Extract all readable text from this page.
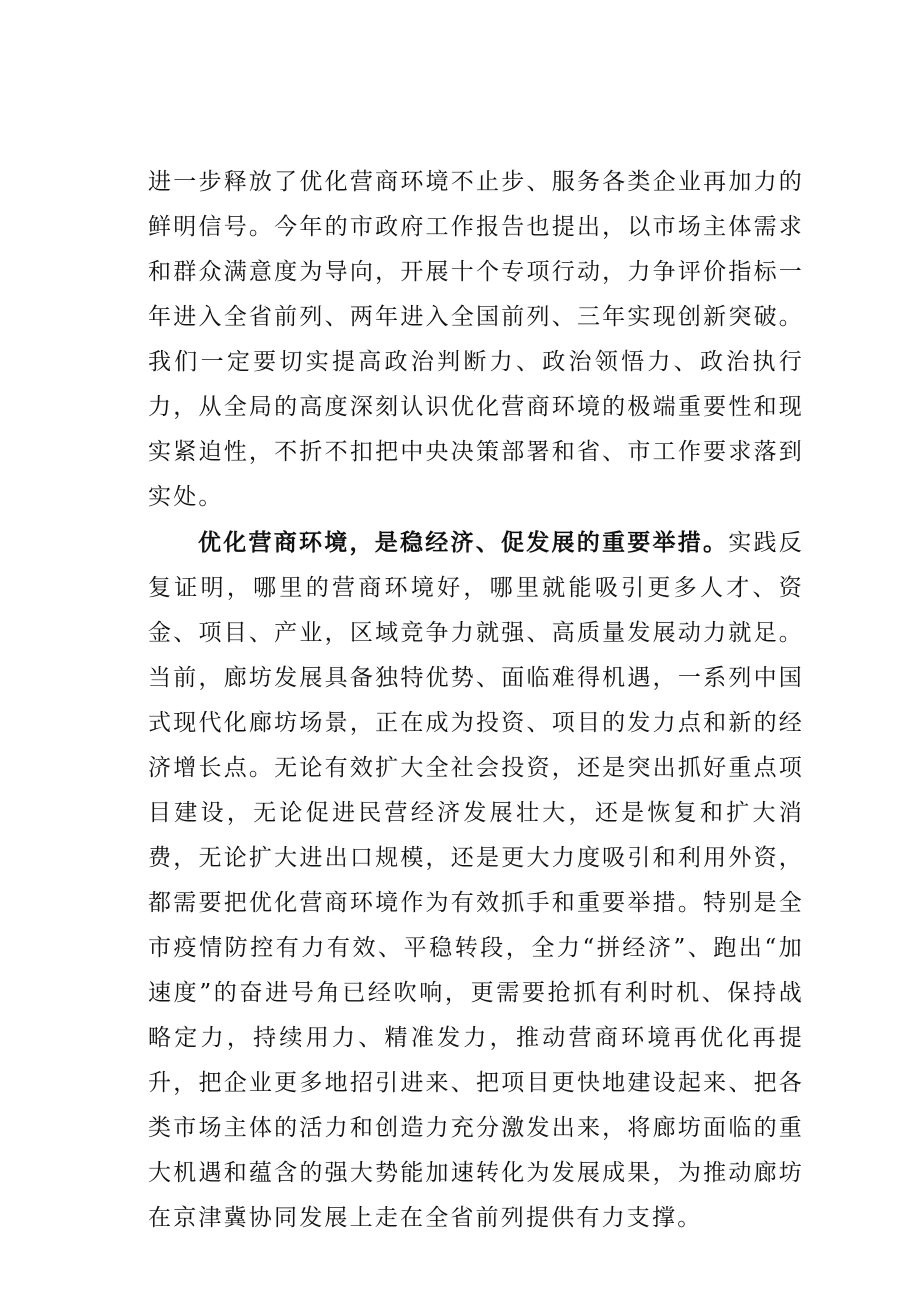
进一步释放了优化营商环境不止步、服务各类企业再加力的鲜明信号。今年的市政府工作报告也提出，以市场主体需求和群众满意度为导向，开展十个专项行动，力争评价指标一年进入全省前列、两年进入全国前列、三年实现创新突破。我们一定要切实提高政治判断力、政治领悟力、政治执行力，从全局的高度深刻认识优化营商环境的极端重要性和现实紧迫性，不折不扣把中央决策部署和省、市工作要求落到实处。

优化营商环境，是稳经济、促发展的重要举措。实践反复证明，哪里的营商环境好，哪里就能吸引更多人才、资金、项目、产业，区域竞争力就强、高质量发展动力就足。当前，廊坊发展具备独特优势、面临难得机遇，一系列中国式现代化廊坊场景，正在成为投资、项目的发力点和新的经济增长点。无论有效扩大全社会投资，还是突出抓好重点项目建设，无论促进民营经济发展壮大，还是恢复和扩大消费，无论扩大进出口规模，还是更大力度吸引和利用外资，都需要把优化营商环境作为有效抓手和重要举措。特别是全市疫情防控有力有效、平稳转段，全力“拼经济”、跑出“加速度”的奋进号角已经吹响，更需要抢抓有利时机、保持战略定力，持续用力、精准发力，推动营商环境再优化再提升，把企业更多地招引进来、把项目更快地建设起来、把各类市场主体的活力和创造力充分激发出来，将廊坊面临的重大机遇和蕴含的强大势能加速转化为发展成果，为推动廊坊在京津冀协同发展上走在全省前列提供有力支撑。
